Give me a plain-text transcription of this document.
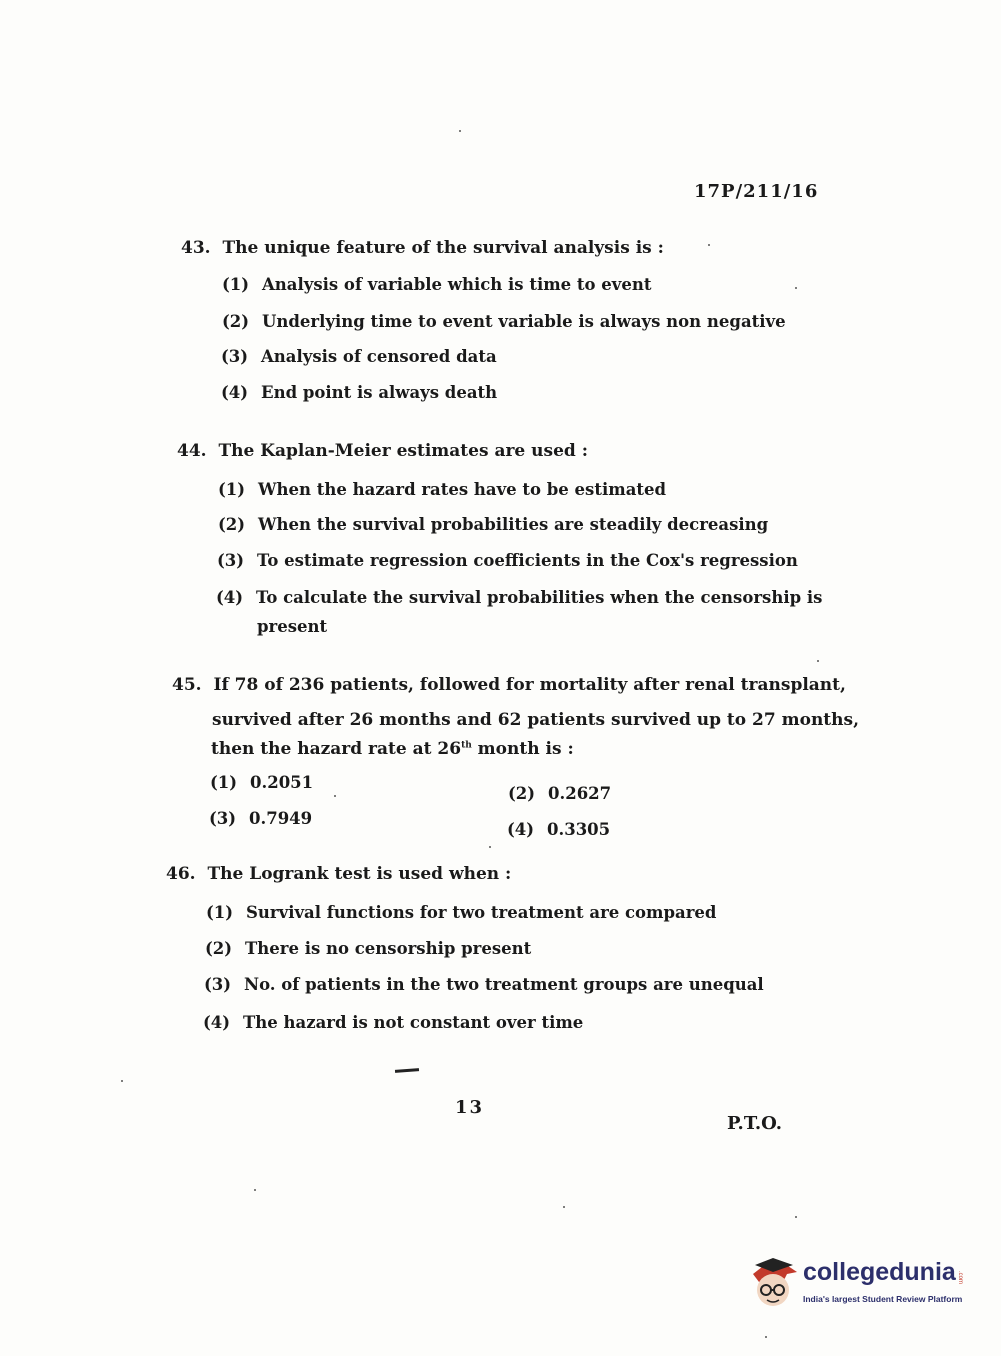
17P/211/16
43. The unique feature of the survival analysis is :
(1) Analysis of variable which is time to event
(2) Underlying time to event variable is always non negative
(3) Analysis of censored data
(4) End point is always death
44. The Kaplan-Meier estimates are used :
(1) When the hazard rates have to be estimated
(2) When the survival probabilities are steadily decreasing
(3) To estimate regression coefficients in the Cox's regression
(4) To calculate the survival probabilities when the censorship is
present
45. If 78 of 236 patients, followed for mortality after renal transplant,
survived after 26 months and 62 patients survived up to 27 months,
then the hazard rate at 26th month is :
(1) 0.2051
(2) 0.2627
(3) 0.7949
(4) 0.3305
46. The Logrank test is used when :
(1) Survival functions for two treatment are compared
(2) There is no censorship present
(3) No. of patients in the two treatment groups are unequal
(4) The hazard is not constant over time
13
P.T.O.
collegedunia .com
India's largest Student Review Platform
